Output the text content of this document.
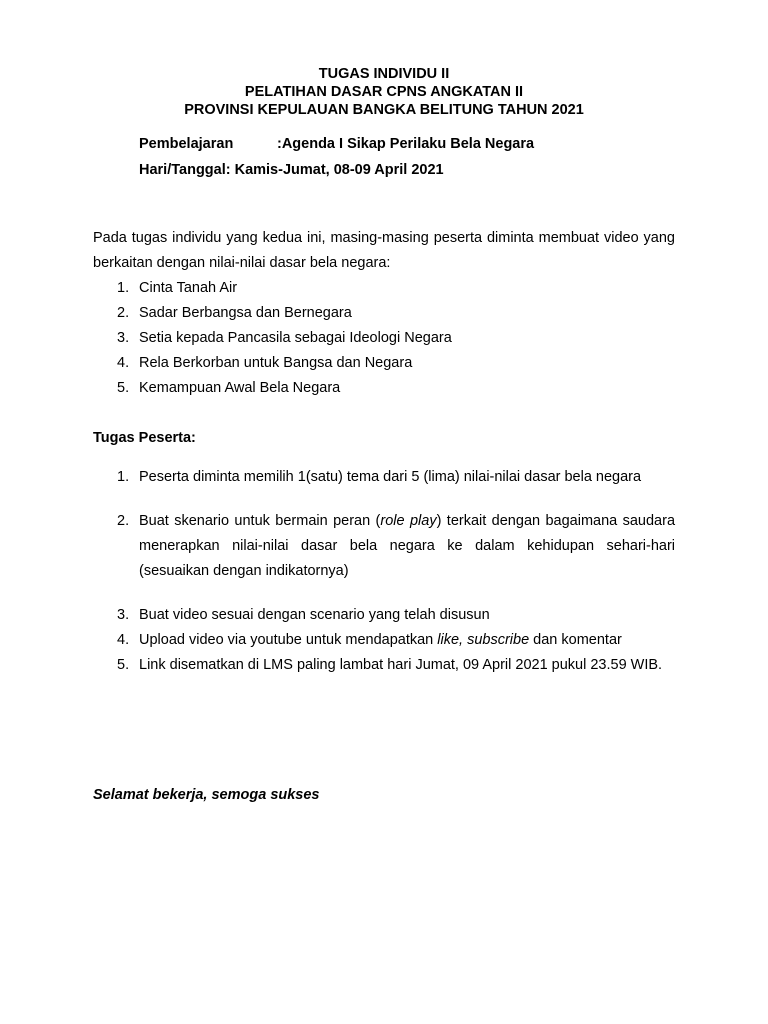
TUGAS INDIVIDU II
PELATIHAN DASAR CPNS ANGKATAN II
PROVINSI KEPULAUAN BANGKA BELITUNG TAHUN 2021
Pembelajaran	:Agenda I Sikap Perilaku Bela Negara
Hari/Tanggal: Kamis-Jumat, 08-09 April 2021
Pada tugas individu yang kedua ini, masing-masing peserta diminta membuat video yang berkaitan dengan nilai-nilai dasar bela negara:
1. Cinta Tanah Air
2. Sadar Berbangsa dan Bernegara
3. Setia kepada Pancasila sebagai Ideologi Negara
4. Rela Berkorban untuk Bangsa dan Negara
5. Kemampuan Awal Bela Negara
Tugas Peserta:
1. Peserta diminta memilih 1(satu) tema dari 5 (lima) nilai-nilai dasar bela negara
2. Buat skenario untuk bermain peran (role play) terkait dengan bagaimana saudara menerapkan nilai-nilai dasar bela negara ke dalam kehidupan sehari-hari (sesuaikan dengan indikatornya)
3. Buat video sesuai dengan scenario yang telah disusun
4. Upload video via youtube untuk mendapatkan like, subscribe dan komentar
5. Link disematkan di LMS paling lambat hari Jumat, 09 April 2021 pukul 23.59 WIB.
Selamat bekerja, semoga sukses
